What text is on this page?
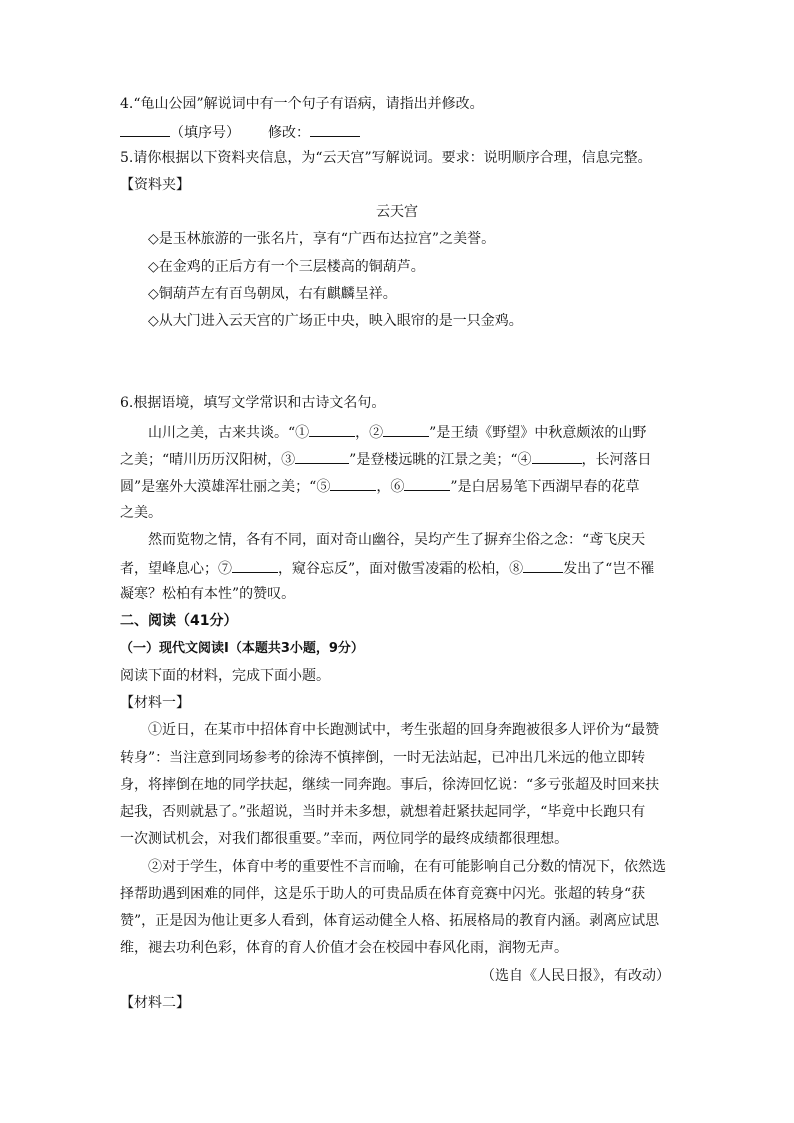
4.“龟山公园”解说词中有一个句子有语病，请指出并修改。
（填序号） 修改：
5.请你根据以下资料夹信息，为“云天宫”写解说词。要求：说明顺序合理，信息完整。
【资料夹】
云天宫
◇是玉林旅游的一张名片，享有“广西布达拉宫”之美誉。
◇在金鸡的正后方有一个三层楼高的铜葫芦。
◇铜葫芦左有百鸟朝凤，右有麒麟呈祥。
◇从大门进入云天宫的广场正中央，映入眼帘的是一只金鸡。
6.根据语境，填写文学常识和古诗文名句。
山川之美，古来共谈。“①	，②	”是王绩《野望》中秋意颇浓的山野
之美；“晴川历历汉阳树，③	”是登楼远眺的江景之美；“④	，长河落日
圆”是塞外大漠雄浑壮丽之美；“⑤	，⑥	”是白居易笔下西湖早春的花草
之美。
然而览物之情，各有不同，面对奇山幽谷，吴均产生了摒弃尘俗之念：“鸢飞戾天
者，望峰息心；⑦	，窥谷忘反”，面对傲雪凌霜的松柏，⑧	发出了“岂不罹
凝寒？松柏有本性”的赞叹。
二、阅读（41分）
（一）现代文阅读Ⅰ（本题共3小题，9分）
阅读下面的材料，完成下面小题。
【材料一】
①近日，在某市中招体育中长跑测试中，考生张超的回身奔跑被很多人评价为“最赞
转身”：当注意到同场参考的徐涛不慎摔倒，一时无法站起，已冲出几米远的他立即转
身，将摔倒在地的同学扶起，继续一同奔跑。事后，徐涛回忆说：“多亏张超及时回来扶
起我，否则就悬了。”张超说，当时并未多想，就想着赶紧扶起同学，“毕竟中长跑只有
一次测试机会，对我们都很重要。”幸而，两位同学的最终成绩都很理想。
②对于学生，体育中考的重要性不言而喻，在有可能影响自己分数的情况下，依然选
择帮助遇到困难的同伴，这是乐于助人的可贵品质在体育竞赛中闪光。张超的转身“获
赞”，正是因为他让更多人看到，体育运动健全人格、拓展格局的教育内涵。剥离应试思
维，褪去功利色彩，体育的育人价值才会在校园中春风化雨，润物无声。
（选自《人民日报》，有改动）
【材料二】
